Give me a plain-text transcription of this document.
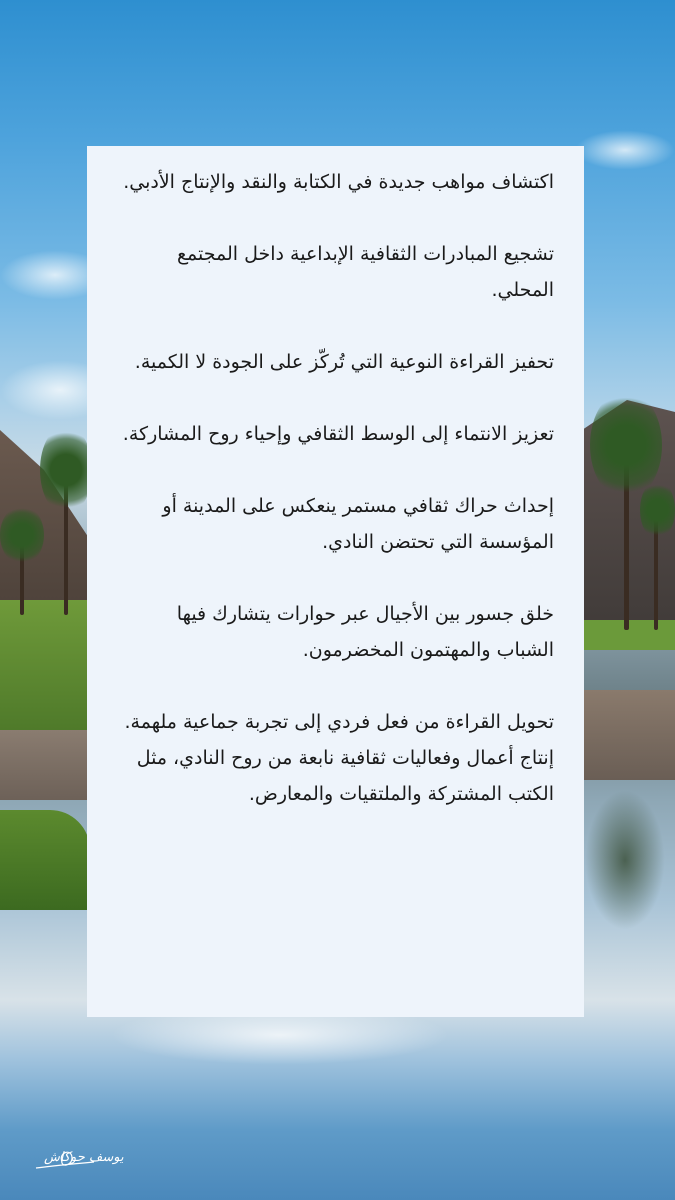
اكتشاف مواهب جديدة في الكتابة والنقد والإنتاج الأدبي.

تشجيع المبادرات الثقافية الإبداعية داخل المجتمع المحلي.

تحفيز القراءة النوعية التي تُركّز على الجودة لا الكمية.

تعزيز الانتماء إلى الوسط الثقافي وإحياء روح المشاركة.

إحداث حراك ثقافي مستمر ينعكس على المدينة أو المؤسسة التي تحتضن النادي.

خلق جسور بين الأجيال عبر حوارات يتشارك فيها الشباب والمهتمون المخضرمون.

تحويل القراءة من فعل فردي إلى تجربة جماعية ملهمة.

إنتاج أعمال وفعاليات ثقافية نابعة من روح النادي، مثل الكتب المشتركة والملتقيات والمعارض.

يوسف حوكاش
